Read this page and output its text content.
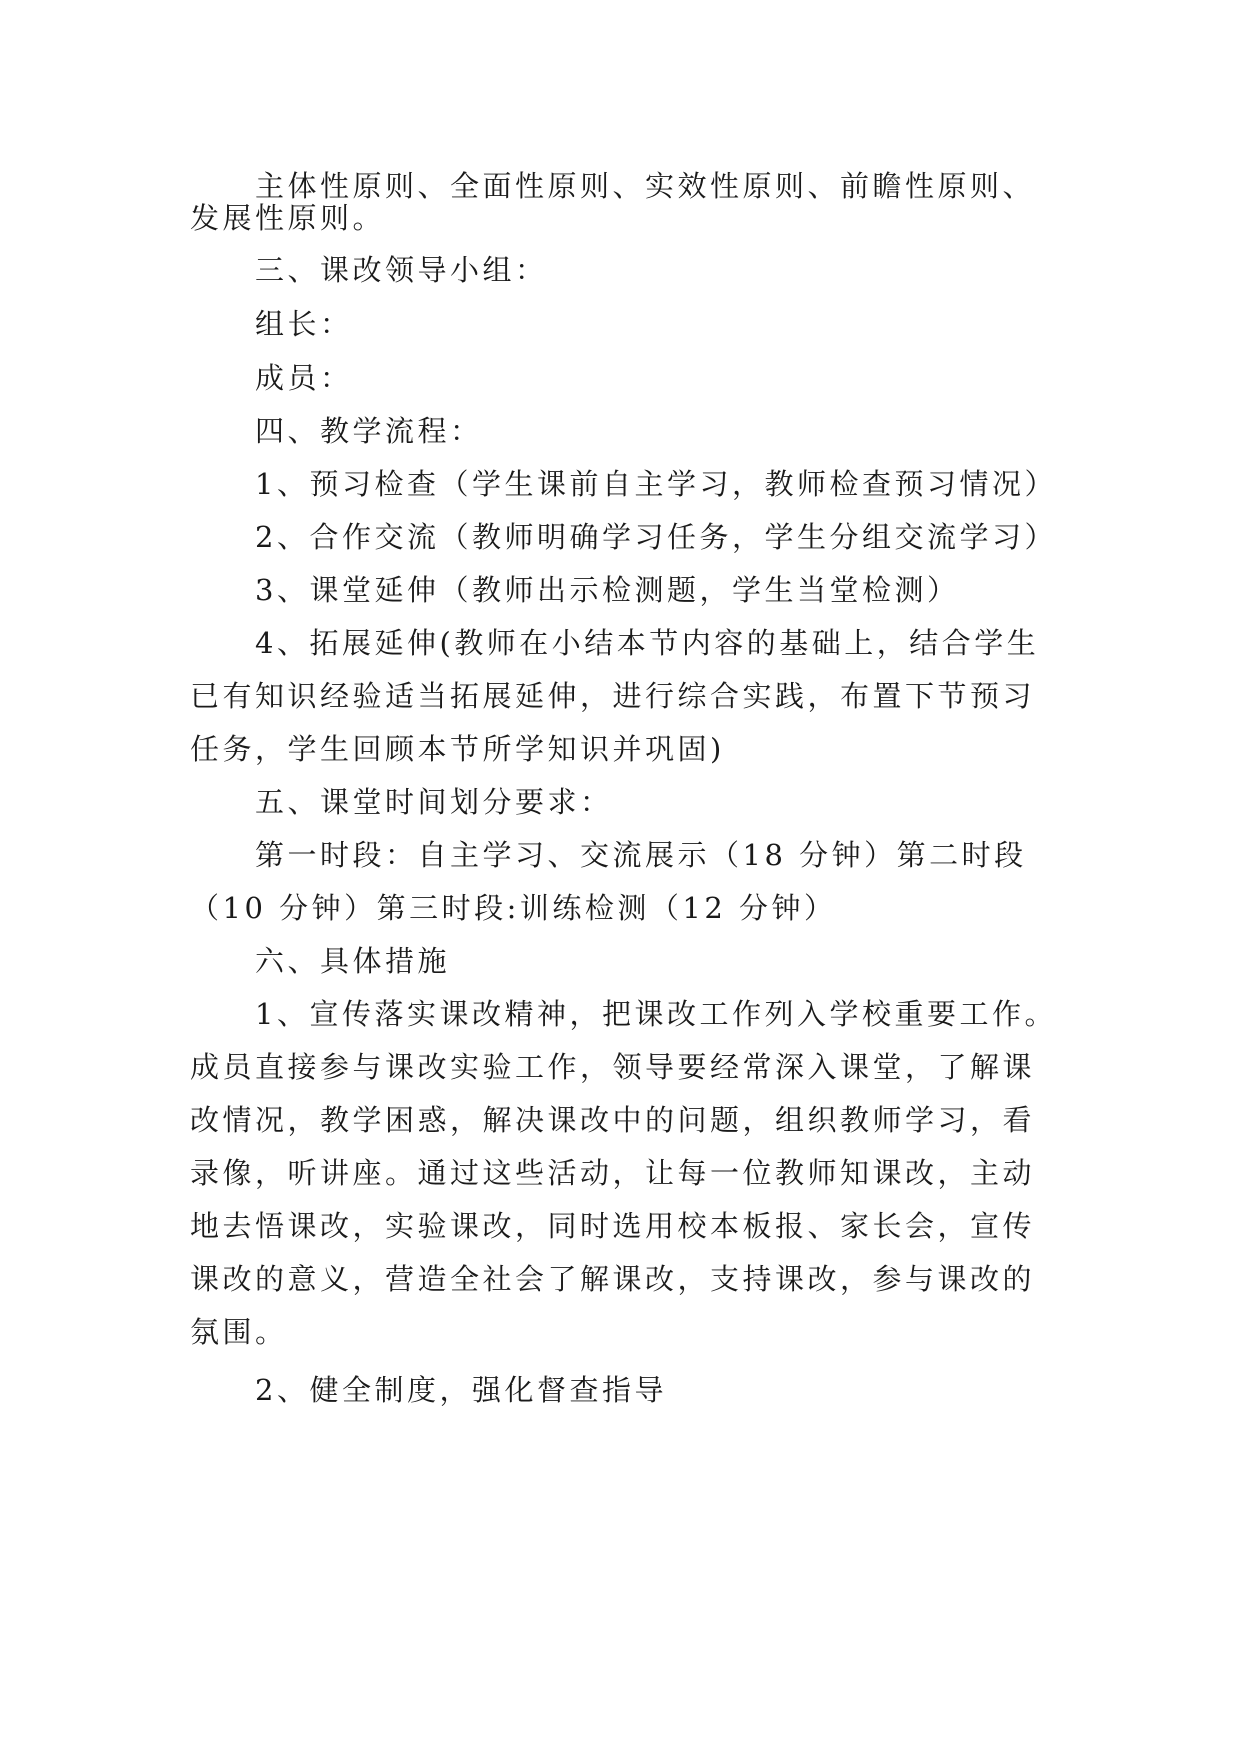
主体性原则、全面性原则、实效性原则、前瞻性原则、
发展性原则。
三、课改领导小组：
组长：
成员：
四、教学流程：
1、预习检查（学生课前自主学习，教师检查预习情况）
2、合作交流（教师明确学习任务，学生分组交流学习）
3、课堂延伸（教师出示检测题，学生当堂检测）
4、拓展延伸(教师在小结本节内容的基础上，结合学生
已有知识经验适当拓展延伸，进行综合实践，布置下节预习
任务，学生回顾本节所学知识并巩固)
五、课堂时间划分要求：
第一时段：自主学习、交流展示（18 分钟）第二时段
（10 分钟）第三时段:训练检测（12 分钟）
六、具体措施
1、宣传落实课改精神，把课改工作列入学校重要工作。
成员直接参与课改实验工作，领导要经常深入课堂，了解课
改情况，教学困惑，解决课改中的问题，组织教师学习，看
录像，听讲座。通过这些活动，让每一位教师知课改，主动
地去悟课改，实验课改，同时选用校本板报、家长会，宣传
课改的意义，营造全社会了解课改，支持课改，参与课改的
氛围。
2、健全制度，强化督查指导
